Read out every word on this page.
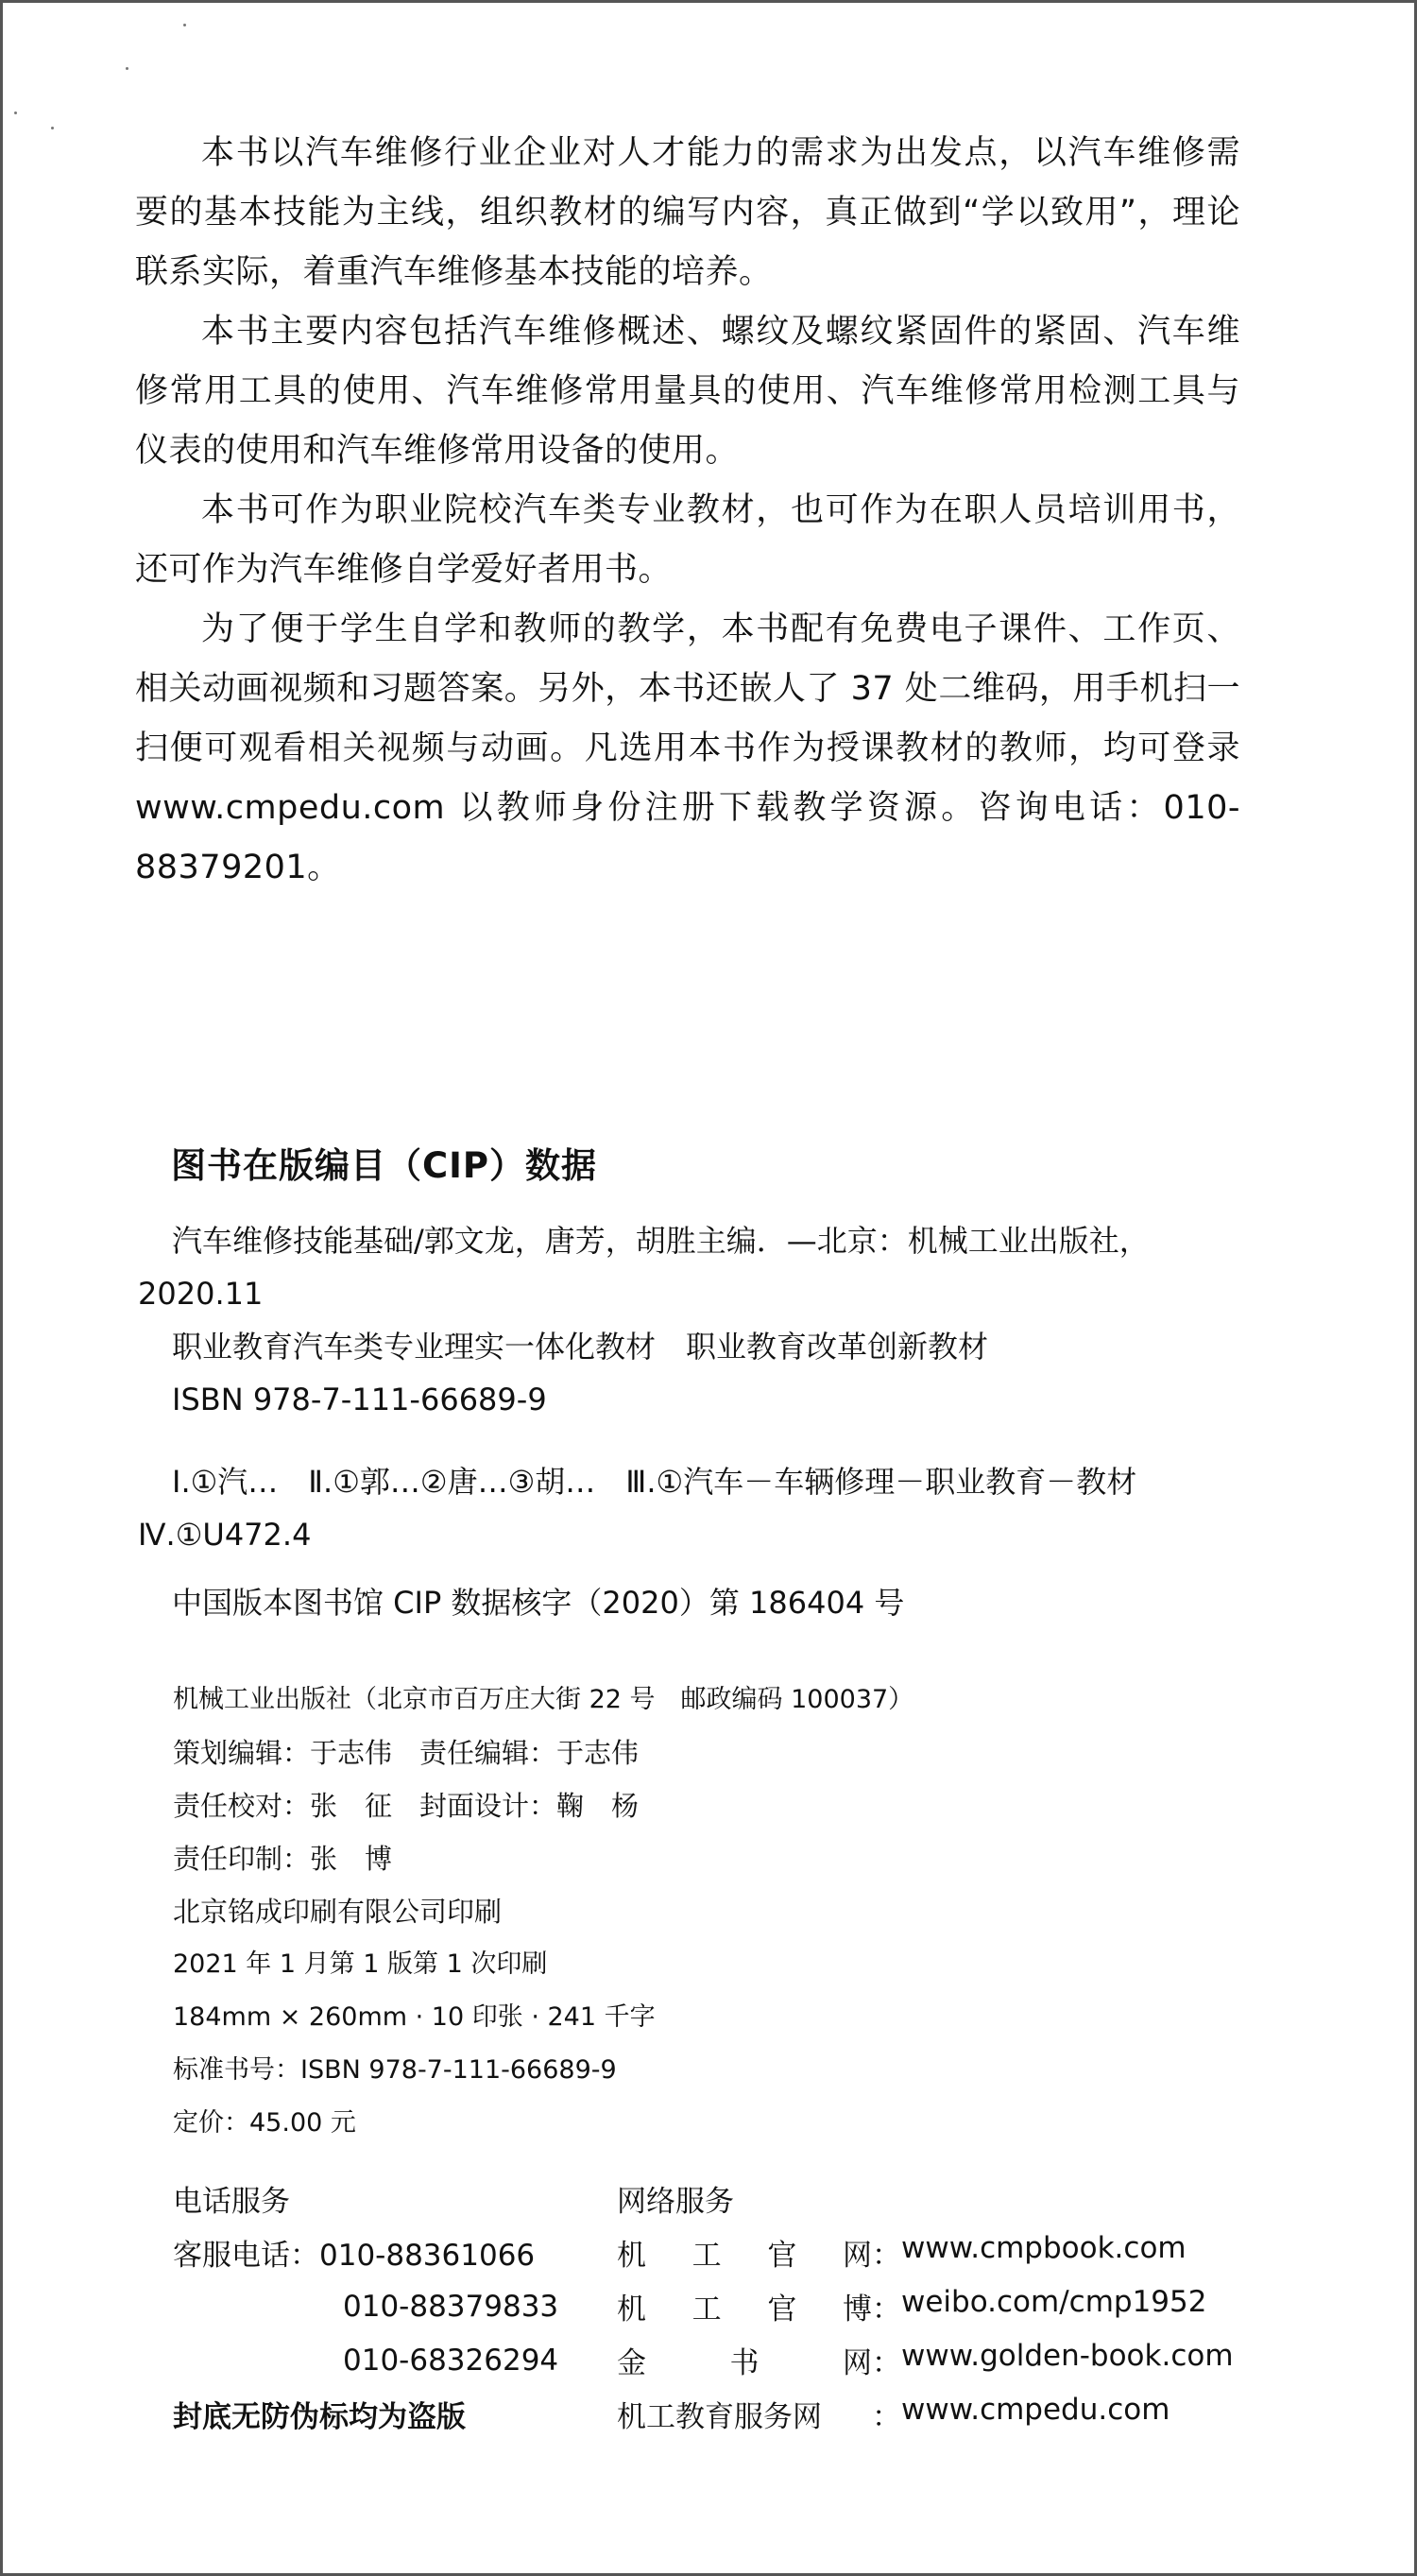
本书以汽车维修行业企业对人才能力的需求为出发点，以汽车维修需要的基本技能为主线，组织教材的编写内容，真正做到“学以致用”，理论联系实际，着重汽车维修基本技能的培养。

本书主要内容包括汽车维修概述、螺纹及螺纹紧固件的紧固、汽车维修常用工具的使用、汽车维修常用量具的使用、汽车维修常用检测工具与仪表的使用和汽车维修常用设备的使用。

本书可作为职业院校汽车类专业教材，也可作为在职人员培训用书，还可作为汽车维修自学爱好者用书。

为了便于学生自学和教师的教学，本书配有免费电子课件、工作页、相关动画视频和习题答案。另外，本书还嵌人了 37 处二维码，用手机扫一扫便可观看相关视频与动画。凡选用本书作为授课教材的教师，均可登录 www.cmpedu.com 以教师身份注册下载教学资源。咨询电话：010-88379201。

图书在版编目（CIP）数据

汽车维修技能基础/郭文龙，唐芳，胡胜主编．—北京：机械工业出版社，2020.11

职业教育汽车类专业理实一体化教材　职业教育改革创新教材

ISBN 978-7-111-66689-9

Ⅰ.①汽…　Ⅱ.①郭…②唐…③胡…　Ⅲ.①汽车－车辆修理－职业教育－教材　Ⅳ.①U472.4

中国版本图书馆 CIP 数据核字（2020）第 186404 号
机械工业出版社（北京市百万庄大街 22 号　邮政编码 100037）
策划编辑：于志伟　责任编辑：于志伟
责任校对：张　征　封面设计：鞠　杨
责任印制：张　博
北京铭成印刷有限公司印刷
2021 年 1 月第 1 版第 1 次印刷
184mm × 260mm · 10 印张 · 241 千字
标准书号：ISBN 978-7-111-66689-9
定价：45.00 元
电话服务	网络服务
客服电话：010-88361066	机 工 官 网 ： www.cmpbook.com
010-88379833	机 工 官 博 ： weibo.com/cmp1952
010-68326294	金	书	网 ： www.golden-book.com
封底无防伪标均为盗版	机工教育服务网 ： www.cmpedu.com
